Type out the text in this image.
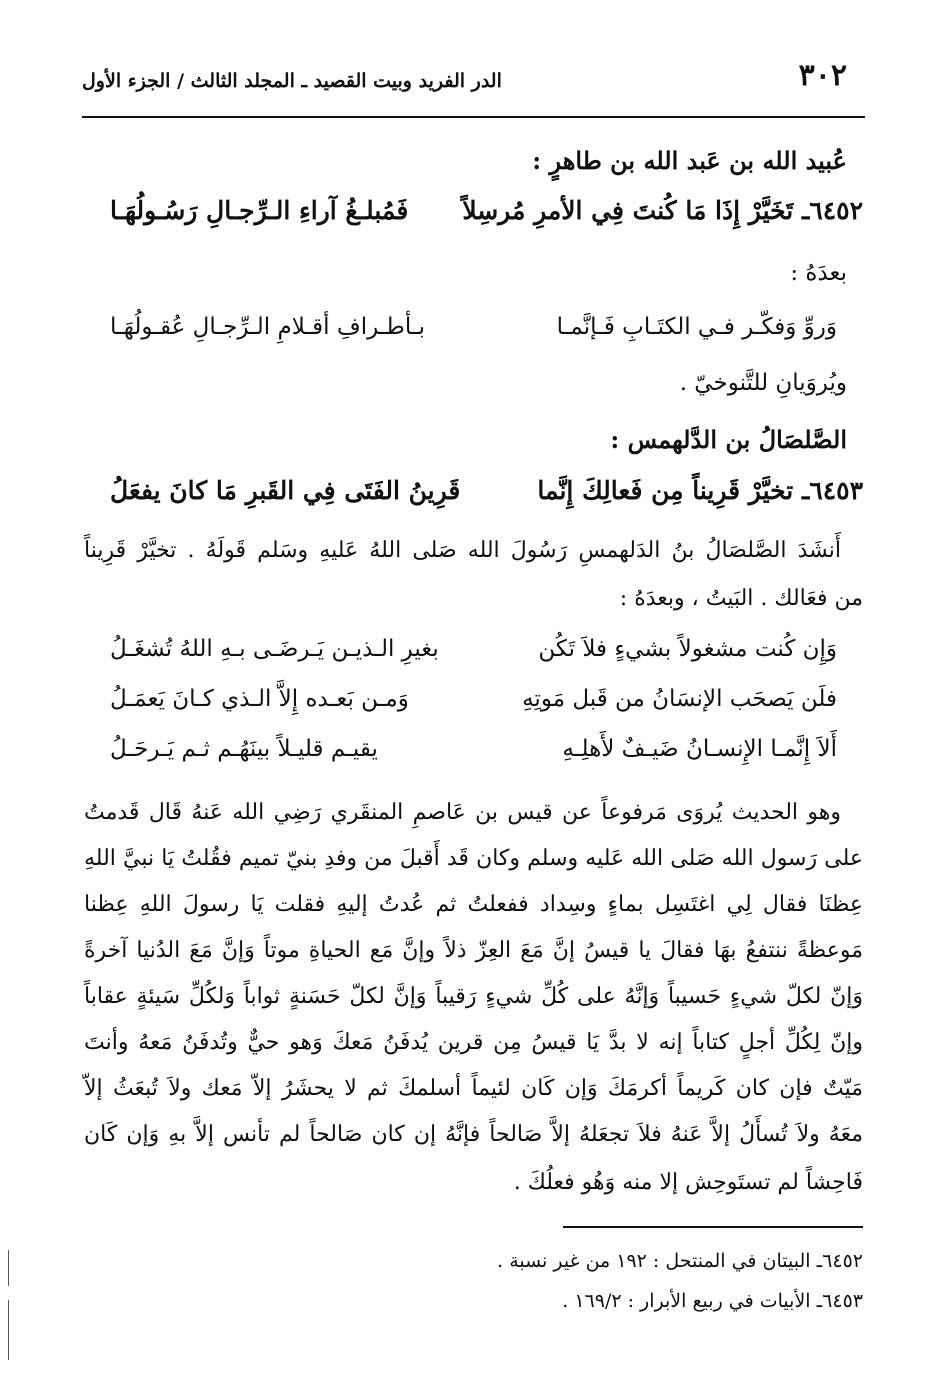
٣٠٢
الدر الفريد وبيت القصيد ـ المجلد الثالث / الجزء الأول
عُبيد الله بن عَبد الله بن طاهرٍ :
٦٤٥٢ـ تَخَيَّرْ إِذَا مَا كُنتَ فِي الأمرِ مُرسِلاً
فَمُبلـغُ آراءِ الـرِّجـالِ رَسُـولُهَـا
بعدَهُ :
وَروِّ وَفكّـر فـي الكتَـابِ فَـإنَّمـا
بـأطـرافِ أقـلامِ الـرِّجـالِ عُقـولُهَـا
ويُروَيانِ للتَّنوخيّ .
الصَّلصَالُ بن الدَّلهمس :
٦٤٥٣ـ تخيَّرْ قَرِيناً مِن فَعالِكَ إِنَّما
قَرِينُ الفَتَى فِي القَبرِ مَا كانَ يفعَلُ
أَنشَدَ الصَّلصَالُ بنُ الدَلهمسِ رَسُولَ الله صَلى اللهُ عَليهِ وسَلم قَولَهُ . تخيَّرْ قَرِيناً
من فعَالك . البَيتُ ، وبعدَهُ :
وَإِن كُنت مشغولاً بشيءٍ فلاَ تَكُن
بغيرِ الـذيـن يَـرضَـى بـهِ اللهُ تُشغَـلُ
فلَن يَصحَب الإنسَانُ من قَبل مَوتِهِ
وَمـن بَعـده إِلاَّ الـذي كـانَ يَعمَـلُ
أَلاَ إِنَّمـا الإِنسـانُ ضَيـفٌ لأَهلِـهِ
يقيـم قليـلاً بينَهُـم ثـم يَـرحَـلُ
وهو الحديث يُروَى مَرفوعاً عن قيس بن عَاصمِ المنقَري رَضِي الله عَنهُ قَال قَدمتُ
على رَسول الله صَلى الله عَليه وسلم وكان قَد أَقبلَ من وفدِ بنيّ تميم فقُلتُ يَا نبيَّ اللهِ
عِظنَا فقال لِي اغتَسِل بماءٍ وسِداد ففعلتُ ثم عُدتُ إليهِ فقلت يَا رسولَ اللهِ عِظنا
مَوعظةً ننتفعُ بهَا فقالَ يا قيسُ إنَّ مَعَ العِزّ ذلاً وإنَّ مَع الحياةِ موتاً وَإنَّ مَعَ الدُنيا آخرةً
وَإنّ لكلّ شيءٍ حَسيباً وَإنَّهُ على كُلِّ شيءٍ رَقيباً وَإنَّ لكلّ حَسَنةٍ ثواباً وَلكُلِّ سَيئةٍ عقاباً
وإنّ لِكُلِّ أجلٍ كتاباً إنه لا بدَّ يَا قيسُ مِن قرين يُدفَنُ مَعكَ وَهو حيٌّ وتُدفَنُ مَعهُ وأنتَ
مَيّتٌ فإن كان كَريماً أكرمَكَ وَإن كَان لئيماً أسلمكَ ثم لا يحشَرُ إلاّ مَعك ولاَ تُبعَثُ إلاّ
معَهُ ولاَ تُسأَلُ إلاَّ عَنهُ فلاَ تجعَلهُ إلاَّ صَالحاً فإنَّهُ إن كان صَالحاً لم تأنس إلاَّ بهِ وَإن كَان
فَاحِشاً لم تستَوحِش إلا منه وَهُو فعلُكَ .
٦٤٥٢ـ البيتان في المنتحل : ١٩٢ من غير نسبة .
٦٤٥٣ـ الأبيات في ربيع الأبرار : ١٦٩/٢ .
